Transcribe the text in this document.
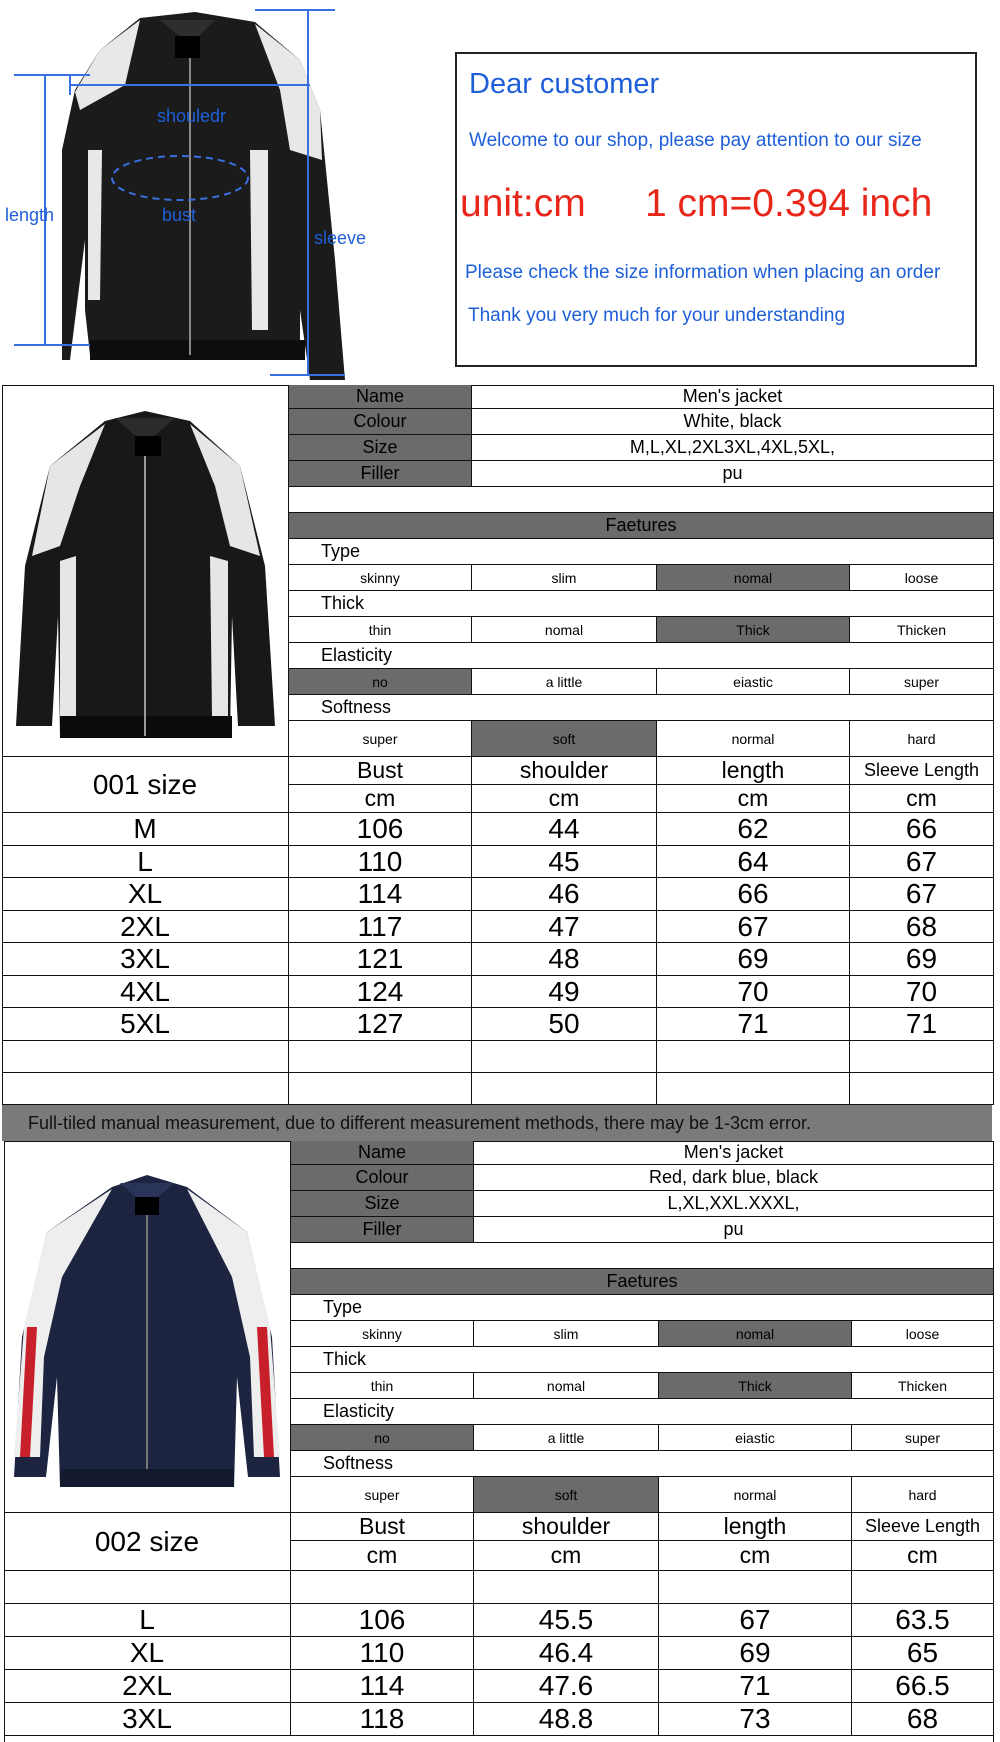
shouledr
bust
length
sleeve
Dear customer
Welcome to our shop, please pay attention to our size
unit:cm 1 cm=0.394 inch
Please check the size information when placing an order
Thank you very much for your understanding
Name	Men's jacket
Colour	White, black
Size	M,L,XL,2XL3XL,4XL,5XL,
Filler	pu
Faetures
Type
skinny	slim	nomal	loose
Thick
thin	nomal	Thick	Thicken
Elasticity
no	a little	eiastic	super
Softness
super	soft	normal	hard
001 size	Bust	shoulder	length	Sleeve Length
cm	cm	cm	cm
M	106	44	62	66
L	110	45	64	67
XL	114	46	66	67
2XL	117	47	67	68
3XL	121	48	69	69
4XL	124	49	70	70
5XL	127	50	71	71
Full-tiled manual measurement, due to different measurement methods, there may be 1-3cm error.
Name	Men's jacket
Colour	Red, dark blue, black
Size	L,XL,XXL.XXXL,
Filler	pu
Faetures
Type
skinny	slim	nomal	loose
Thick
thin	nomal	Thick	Thicken
Elasticity
no	a little	eiastic	super
Softness
super	soft	normal	hard
002 size	Bust	shoulder	length	Sleeve Length
cm	cm	cm	cm
L	106	45.5	67	63.5
XL	110	46.4	69	65
2XL	114	47.6	71	66.5
3XL	118	48.8	73	68
